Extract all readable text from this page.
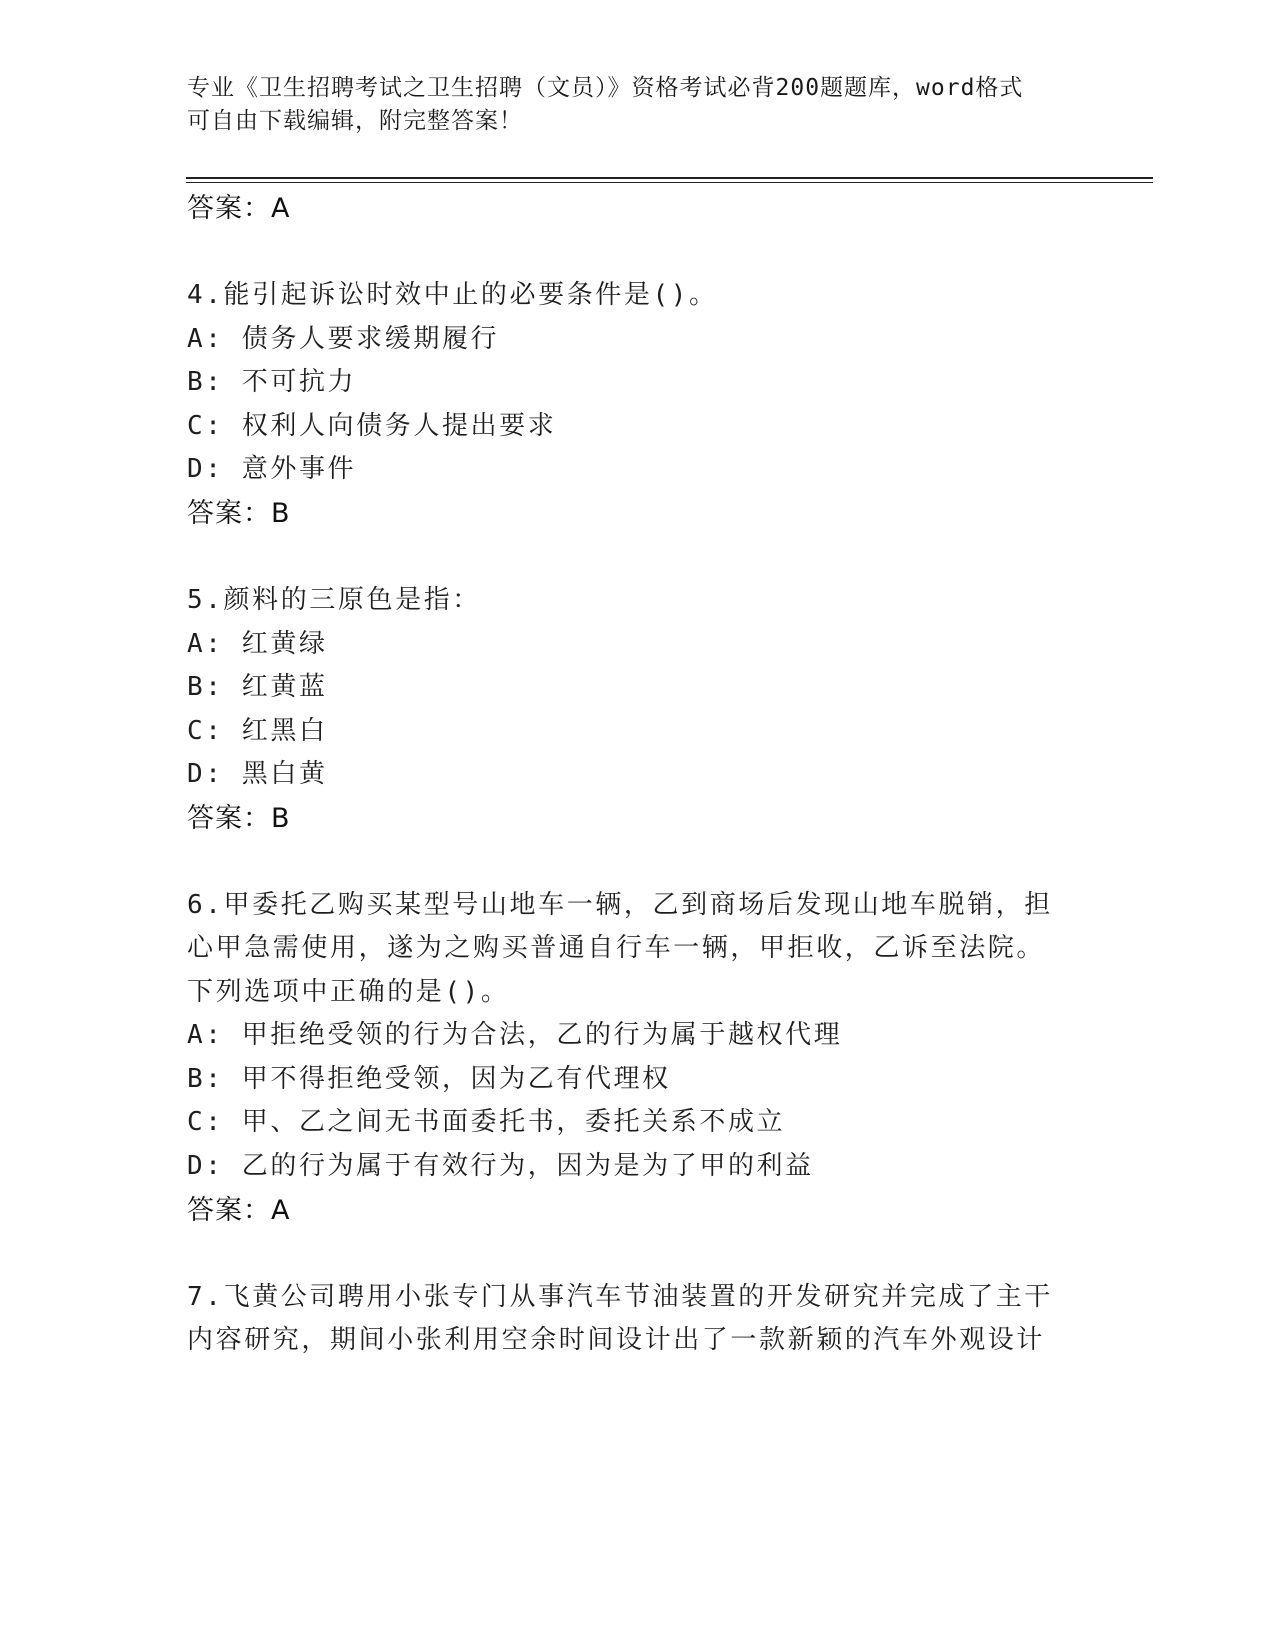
专业《卫生招聘考试之卫生招聘（文员）》资格考试必背200题题库，word格式
可自由下载编辑，附完整答案！
答案：A
4.能引起诉讼时效中止的必要条件是()。
A: 债务人要求缓期履行
B: 不可抗力
C: 权利人向债务人提出要求
D: 意外事件
答案：B
5.颜料的三原色是指：
A: 红黄绿
B: 红黄蓝
C: 红黑白
D: 黑白黄
答案：B
6.甲委托乙购买某型号山地车一辆，乙到商场后发现山地车脱销，担
心甲急需使用，遂为之购买普通自行车一辆，甲拒收，乙诉至法院。
下列选项中正确的是()。
A: 甲拒绝受领的行为合法，乙的行为属于越权代理
B: 甲不得拒绝受领，因为乙有代理权
C: 甲、乙之间无书面委托书，委托关系不成立
D: 乙的行为属于有效行为，因为是为了甲的利益
答案：A
7.飞黄公司聘用小张专门从事汽车节油装置的开发研究并完成了主干
内容研究，期间小张利用空余时间设计出了一款新颖的汽车外观设计
